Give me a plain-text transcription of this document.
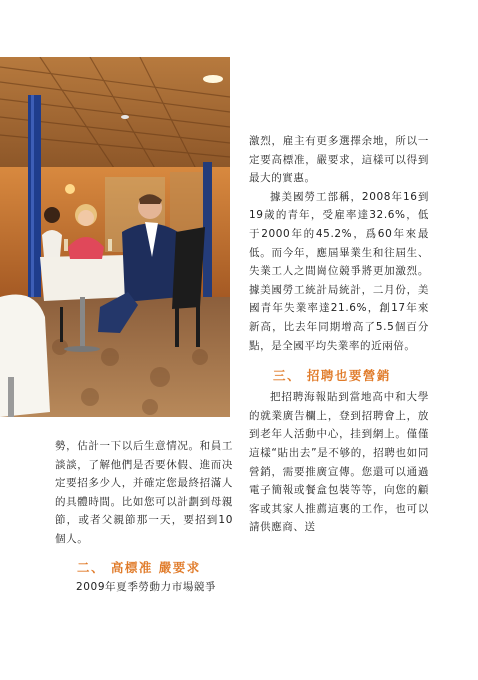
勢，估計一下以后生意情况。和員工談談，了解他們是否要休假、進而决定要招多少人，并確定您最終招滿人的具體時間。比如您可以計劃到母親節，或者父親節那一天，要招到10個人。

二、 高標准 嚴要求

2009年夏季勞動力市場競爭

激烈，雇主有更多選擇余地，所以一定要高標准，嚴要求，這樣可以得到最大的實惠。

據美國勞工部稱，2008年16到19歲的青年，受雇率達32.6%，低于2000年的45.2%，爲60年來最低。而今年，應屆畢業生和往屆生、失業工人之間崗位競爭將更加激烈。據美國勞工統計局統計，二月份，美國青年失業率達21.6%，創17年來新高，比去年同期增高了5.5個百分點，是全國平均失業率的近兩倍。

三、 招聘也要營銷

把招聘海報貼到當地高中和大學的就業廣告欄上，登到招聘會上，放到老年人活動中心，挂到網上。僅僅這樣“貼出去”是不够的，招聘也如同營銷，需要推廣宣傳。您還可以通過電子簡報或餐盒包裝等等，向您的顧客或其家人推薦這裏的工作，也可以請供應商、送
